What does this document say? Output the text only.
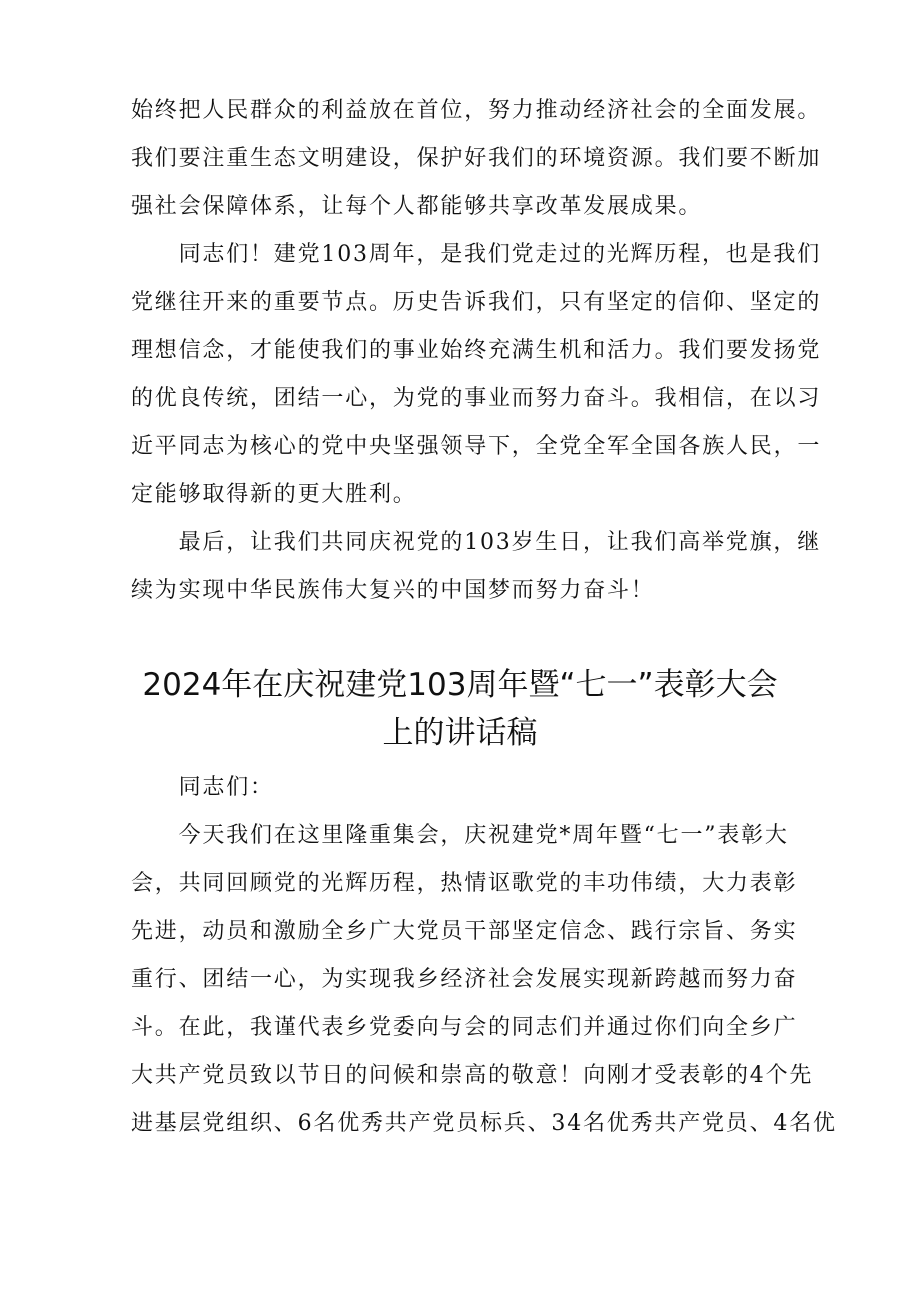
始终把人民群众的利益放在首位，努力推动经济社会的全面发展。
我们要注重生态文明建设，保护好我们的环境资源。我们要不断加
强社会保障体系，让每个人都能够共享改革发展成果。
　　同志们！建党103周年，是我们党走过的光辉历程，也是我们
党继往开来的重要节点。历史告诉我们，只有坚定的信仰、坚定的
理想信念，才能使我们的事业始终充满生机和活力。我们要发扬党
的优良传统，团结一心，为党的事业而努力奋斗。我相信，在以习
近平同志为核心的党中央坚强领导下，全党全军全国各族人民，一
定能够取得新的更大胜利。
　　最后，让我们共同庆祝党的103岁生日，让我们高举党旗，继
续为实现中华民族伟大复兴的中国梦而努力奋斗！
2024年在庆祝建党103周年暨“七一”表彰大会
上的讲话稿
　　同志们：
　　今天我们在这里隆重集会，庆祝建党*周年暨“七一”表彰大
会，共同回顾党的光辉历程，热情讴歌党的丰功伟绩，大力表彰
先进，动员和激励全乡广大党员干部坚定信念、践行宗旨、务实
重行、团结一心，为实现我乡经济社会发展实现新跨越而努力奋
斗。在此，我谨代表乡党委向与会的同志们并通过你们向全乡广
大共产党员致以节日的问候和崇高的敬意！向刚才受表彰的4个先
进基层党组织、6名优秀共产党员标兵、34名优秀共产党员、4名优
